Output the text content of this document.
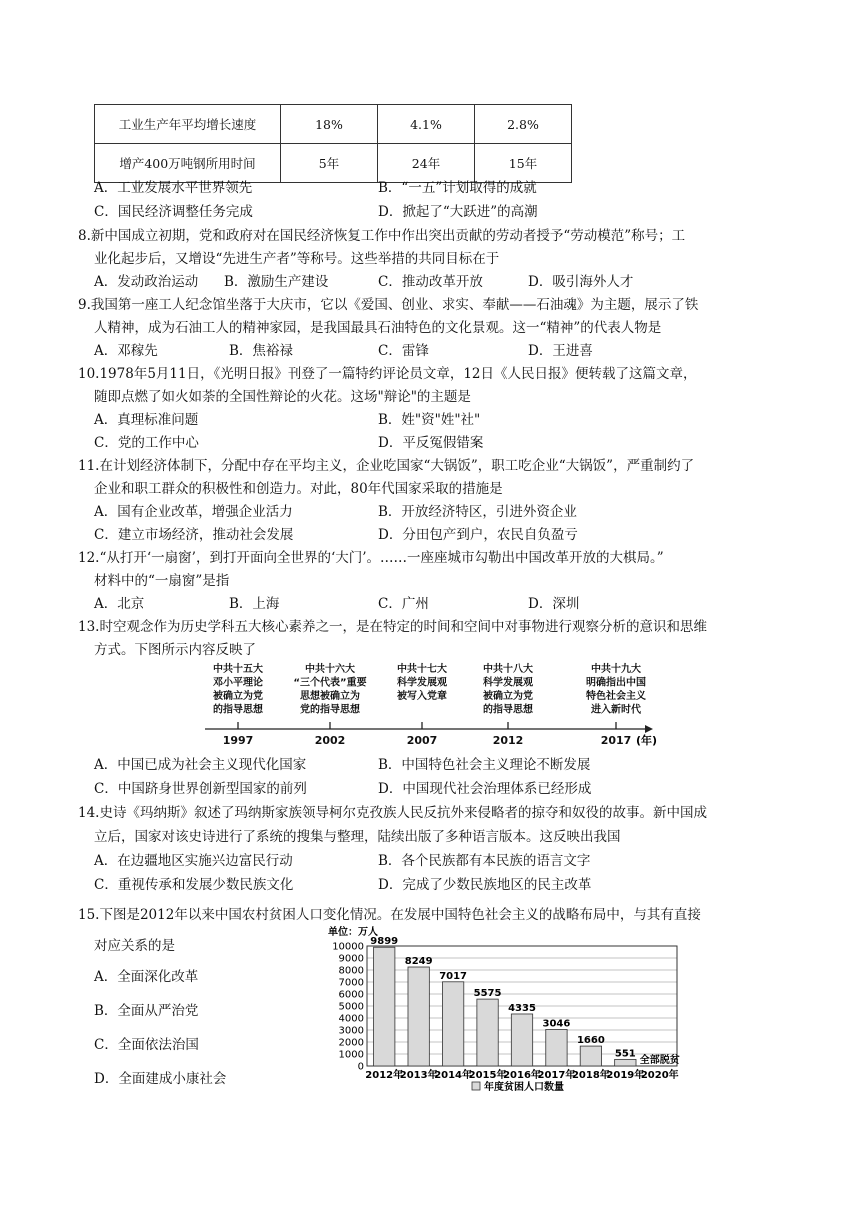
工业生产年平均增长速度	18%	4.1%	2.8%
增产400万吨钢所用时间	5年	24年	15年
A．工业发展水平世界领先	B．“一五”计划取得的成就
C．国民经济调整任务完成	D．掀起了“大跃进”的高潮
8.新中国成立初期，党和政府对在国民经济恢复工作中作出突出贡献的劳动者授予“劳动模范”称号；工
业化起步后，又增设“先进生产者”等称号。这些举措的共同目标在于
A．发动政治运动 B．激励生产建设	C．推动改革开放	D．吸引海外人才
9.我国第一座工人纪念馆坐落于大庆市，它以《爱国、创业、求实、奉献——石油魂》为主题，展示了铁
人精神，成为石油工人的精神家园，是我国最具石油特色的文化景观。这一“精神”的代表人物是
A．邓稼先	B．焦裕禄	C．雷锋	D．王进喜
10.1978年5月11日，《光明日报》刊登了一篇特约评论员文章，12日《人民日报》便转载了这篇文章，
随即点燃了如火如荼的全国性辩论的火花。这场"辩论"的主题是
A．真理标准问题	B．姓"资"姓"社"
C．党的工作中心	D．平反冤假错案
11.在计划经济体制下，分配中存在平均主义，企业吃国家“大锅饭”，职工吃企业“大锅饭”，严重制约了
企业和职工群众的积极性和创造力。对此，80年代国家采取的措施是
A．国有企业改革，增强企业活力	B．开放经济特区，引进外资企业
C．建立市场经济，推动社会发展	D．分田包产到户，农民自负盈亏
12.“从打开‘一扇窗’，到打开面向全世界的‘大门’。……一座座城市勾勒出中国改革开放的大棋局。”
材料中的“一扇窗”是指
A．北京	B．上海	C．广州	D．深圳
13.时空观念作为历史学科五大核心素养之一，是在特定的时间和空间中对事物进行观察分析的意识和思维
方式。下图所示内容反映了
中共十五大
邓小平理论
被确立为党
的指导思想
中共十六大
“三个代表”重要
思想被确立为
党的指导思想
中共十七大
科学发展观
被写入党章
中共十八大
科学发展观
被确立为党
的指导思想
中共十九大
明确指出中国
特色社会主义
进入新时代
1997	2002	2007	2012	2017 (年)
A．中国已成为社会主义现代化国家	B．中国特色社会主义理论不断发展
C．中国跻身世界创新型国家的前列	D．中国现代社会治理体系已经形成
14.史诗《玛纳斯》叙述了玛纳斯家族领导柯尔克孜族人民反抗外来侵略者的掠夺和奴役的故事。新中国成
立后，国家对该史诗进行了系统的搜集与整理，陆续出版了多种语言版本。这反映出我国
A．在边疆地区实施兴边富民行动	B．各个民族都有本民族的语言文字
C．重视传承和发展少数民族文化	D．完成了少数民族地区的民主改革
15.下图是2012年以来中国农村贫困人口变化情况。在发展中国特色社会主义的战略布局中，与其有直接
对应关系的是
A．全面深化改革
B．全面从严治党
C．全面依法治国
D．全面建成小康社会
单位：万人
0
1000
2000
3000
4000
5000
6000
7000
8000
9000
10000
2012年
2013年
2014年
2015年
2016年
2017年
2018年
2019年
2020年
9899
8249
7017
5575
4335
3046
1660
551
全部脱贫
年度贫困人口数量
